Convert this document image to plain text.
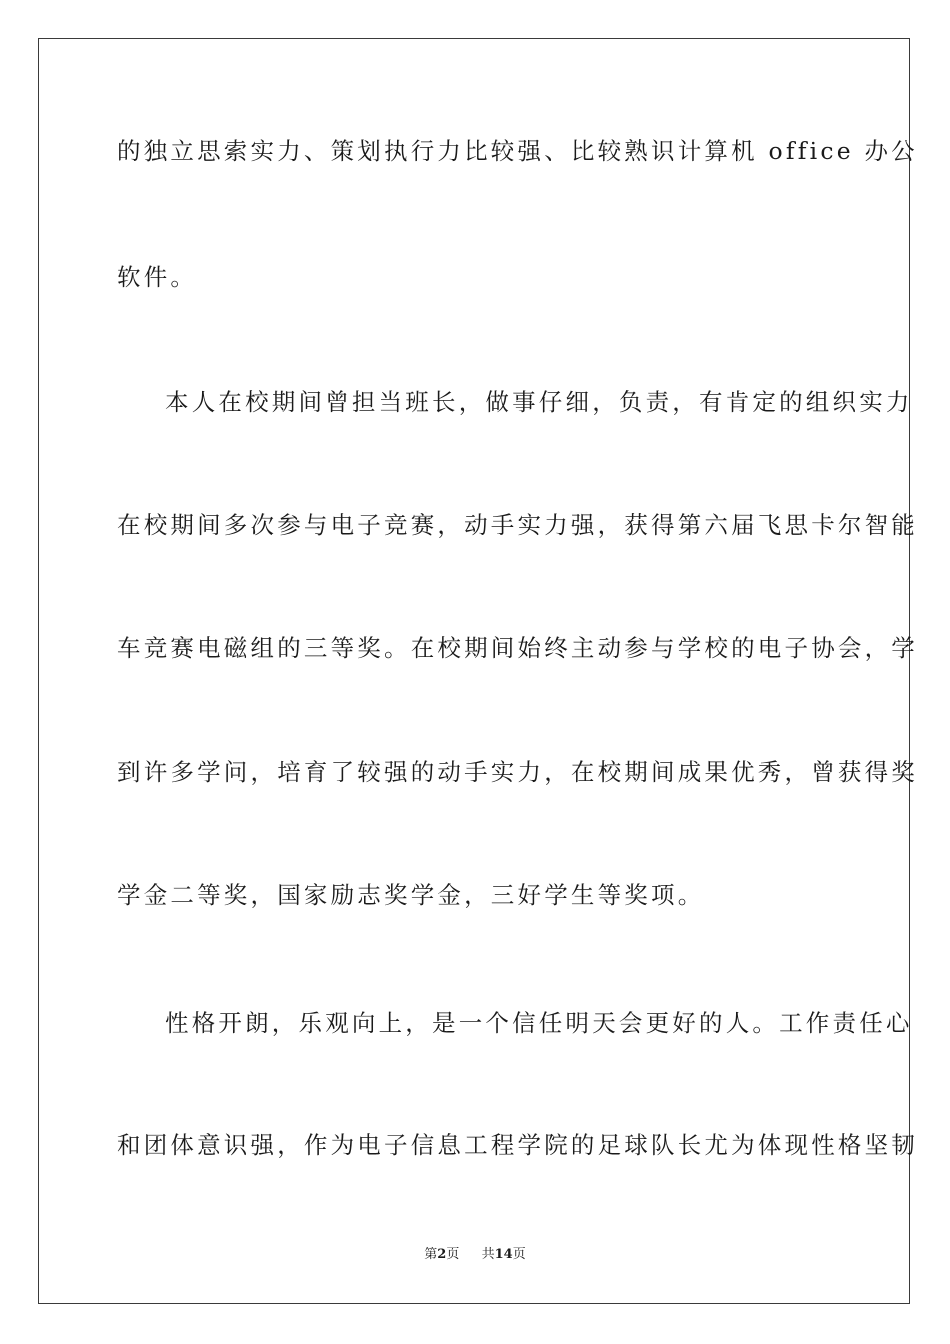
的独立思索实力、策划执行力比较强、比较熟识计算机 office 办公
软件。
本人在校期间曾担当班长，做事仔细，负责，有肯定的组织实力
在校期间多次参与电子竞赛，动手实力强，获得第六届飞思卡尔智能
车竞赛电磁组的三等奖。在校期间始终主动参与学校的电子协会，学
到许多学问，培育了较强的动手实力，在校期间成果优秀，曾获得奖
学金二等奖，国家励志奖学金，三好学生等奖项。
性格开朗，乐观向上，是一个信任明天会更好的人。工作责任心
和团体意识强，作为电子信息工程学院的足球队长尤为体现性格坚韧
第2页 共14页
